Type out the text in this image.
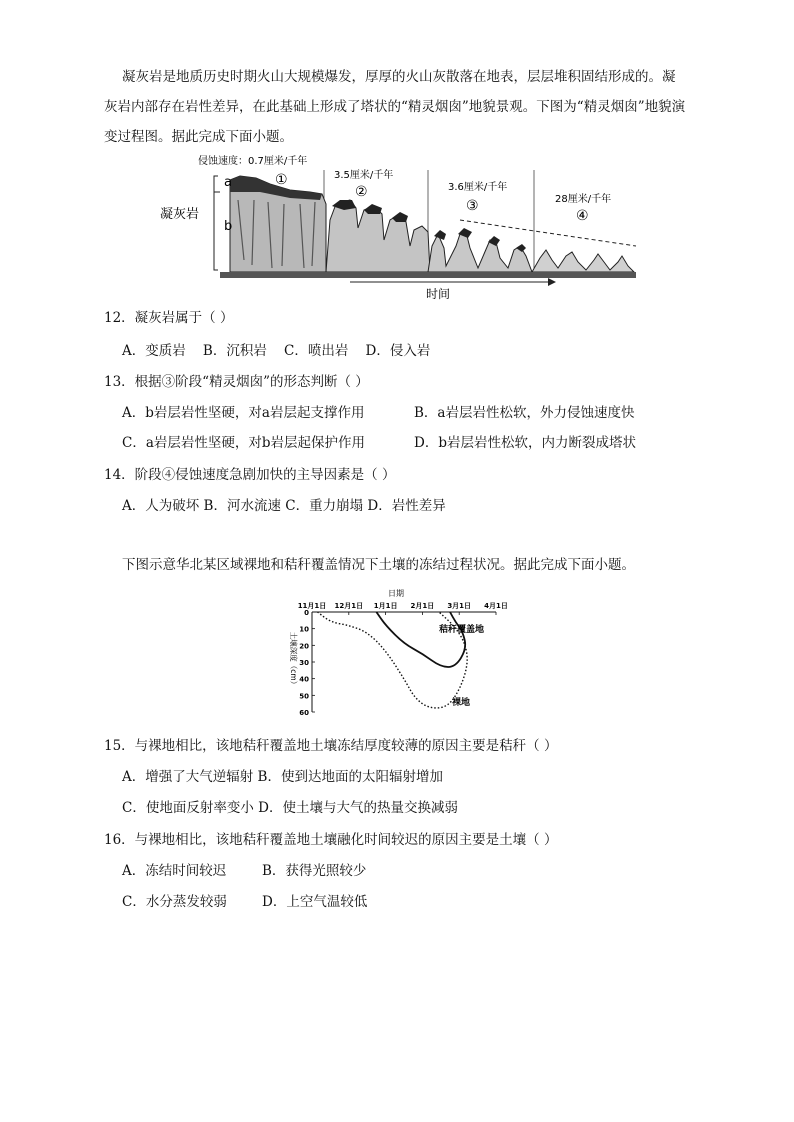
凝灰岩是地质历史时期火山大规模爆发，厚厚的火山灰散落在地表，层层堆积固结形成的。凝
灰岩内部存在岩性差异，在此基础上形成了塔状的“精灵烟囱”地貌景观。下图为“精灵烟囱”地貌演
变过程图。据此完成下面小题。
侵蚀速度：0.7厘米/千年
3.5厘米/千年
3.6厘米/千年
28厘米/千年
①
②
③
④
a
b
凝灰岩
时间
12．凝灰岩属于（ ）
A．变质岩    B．沉积岩    C．喷出岩    D．侵入岩
13．根据③阶段“精灵烟囱”的形态判断（ ）
A．b岩层岩性坚硬，对a岩层起支撑作用	B．a岩层岩性松软，外力侵蚀速度快
C．a岩层岩性坚硬，对b岩层起保护作用	D．b岩层岩性松软，内力断裂成塔状
14．阶段④侵蚀速度急剧加快的主导因素是（ ）
A．人为破坏 B．河水流速 C．重力崩塌 D．岩性差异
下图示意华北某区域裸地和秸秆覆盖情况下土壤的冻结过程状况。据此完成下面小题。
日期
11月1日 12月1日 1月1日 2月1日 3月1日 4月1日
0
10
20
30
40
50
60
土壤深度（cm）
秸秆覆盖地
裸地
15．与裸地相比，该地秸秆覆盖地土壤冻结厚度较薄的原因主要是秸秆（ ）
A．增强了大气逆辐射 B．使到达地面的太阳辐射增加
C．使地面反射率变小 D．使土壤与大气的热量交换减弱
16．与裸地相比，该地秸秆覆盖地土壤融化时间较迟的原因主要是土壤（ ）
A．冻结时间较迟	B．获得光照较少
C．水分蒸发较弱	D．上空气温较低
